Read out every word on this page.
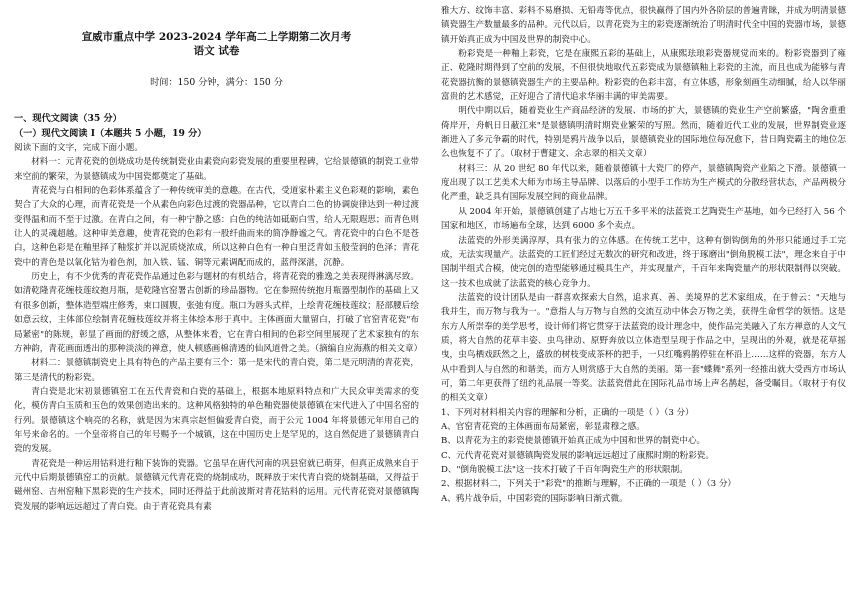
宣威市重点中学 2023-2024 学年高二上学期第二次月考
语文 试卷
时间：150 分钟，满分：150 分
一、现代文阅读（35 分）
（一）现代文阅读 I（本题共 5 小题，19 分）

阅读下面的文字，完成下面小题。

材料一：元青花瓷的创烧成功是传统制瓷业由素瓷向彩瓷发展的重要里程碑，它给景德镇的制瓷工业带来空前的繁荣，为景德镇成为中国瓷都奠定了基础。

青花瓷与白相间的色彩体系蕴含了一种传统审美的意趣。在古代，受道家朴素主义色彩观的影响，素色契合了大众的心理，而青花瓷是一个从素色向彩色过渡的瓷器品种，它以青白二色的协调旋律达到一种过渡变得温和而不至于过激。在青白之间，有一种宁静之感：白色的纯洁如砥砺白雪，给人无限遐思；而青色则让人的灵魂超越。这种审美意趣，使青花瓷的色彩有一股纤曲而来的简净静谧之气。青花瓷中的白色不是苍白，这种色彩是在釉里择了釉浆扩并以泥质烧浓成，所以这种白色有一种白里泛青如玉般莹润的色泽；青花瓷中的青色是以氧化钴为着色剂，加入铁、锰、铜等元素调配而成的，蓝得深湛，沉静。

历史上，有不少优秀的青花瓷作品通过色彩与题材的有机结合，将青花瓷的雅逸之美表现得淋漓尽致。如清乾隆青花缠枝莲纹抱月瓶，是乾隆官窑署古创新的珍品器物。它在参照传统抱月瓶器型制作的基础上又有很多创新，整体造型端庄修秀，束口圆腹，张弛有度。瓶口为唇头式样，上绘青花缠枝莲纹；胫部腰后绘如意云纹，主体部位绘制青花缠枝莲纹并将主体绘本形于真中。主体画面大量留白，打破了官窑青花瓷"布局紧密"的陈规，彰显了画面的舒缓之感，从整体来看，它在青白相间的色彩空间里展现了艺术家独有的东方神韵，青花画面透出的那种淡淡的禅意，使人顿感画棉清透的仙风道骨之美。（摘编自应海燕的相关文章）

材料二：景德镇制瓷史上具有特色的产品主要有三个：第一是宋代的青白瓷，第二是元明清的青花瓷，第三是清代的粉彩瓷。

青白瓷是北宋初景德镇窑工在五代青瓷和白瓷的基础上，根据本地原料特点和广大民众审美需求的变化，模仿青白玉质和玉色的效果创造出来的。这种风格独特的单色釉瓷器使景德镇在宋代进入了中国名窑的行列。景德镇这个响亮的名称，就是因为宋真宗赵恒偏爱青白瓷，而于公元 1004 年将景德元年用自己的年号来命名的。一个皇帝将自己的年号赐予一个城镇，这在中国历史上是罕见的，这自然促进了景德镇青白瓷的发展。

青花瓷是一种运用钴料进行釉下装饰的瓷器。它虽早在唐代河南的巩县窑就已萌芽，但真正成熟来自于元代中后期景德镇窑工的贡献。景德镇元代青花瓷的烧制成功，既释放于宋代青白瓷的烧制基础，又得益于磁州窑、吉州窑釉下黑彩瓷的生产技术，同时还得益于此前波斯对青花钴料的运用。元代青花瓷对景德镇陶瓷发展的影响远远超过了青白瓷。由于青花瓷具有素

雅大方、纹饰丰富、彩料不易磨损、无铅毒等优点，很快赢得了国内外各阶层的普遍青睐，并成为明清景德镇瓷器生产数量最多的品种。元代以后，以青花瓷为主的彩瓷逐渐统治了明清时代全中国的瓷器市场，景德镇开始真正成为中国及世界的制瓷中心。

粉彩瓷是一种釉上彩瓷，它是在康熙五彩的基础上，从康熙珐琅彩瓷器规觉而来的。粉彩瓷器到了雍正、乾隆时期得到了空前的发展，不但很快地取代五彩瓷成为景德镇釉上彩瓷的主流，而且也成为能够与青花瓷器抗衡的景德镇瓷器生产的主要品种。粉彩瓷的色彩丰富，有立体感，形象刻画生动细腻，给人以华丽富贵的艺术感觉，正好迎合了清代追求华丽丰满的审美需要。

明代中期以后，随着瓷业生产商品经济的发展、市场的扩大，景德镇的瓷业生产空前繁盛，"陶舍重重倚岸开，舟帆日日蔽江来"是景德镇明清时期瓷业繁荣的写照。然而，随着近代工业的发展，世界制瓷业逐渐进入了多元争霸的时代，特别是鸦片战争以后，景德镇瓷业的国际地位每况愈下，昔日陶瓷霸主的地位怎么也恢复不了了。（取材于曹建文、余志翠的相关文章）

材料三：从 20 世纪 80 年代以来，随着景德镇十大瓷厂的停产，景德镇陶瓷产业陷之下滑。景德镇一度出现了以工艺美术大师为市场主导品牌、以落后的小型手工作坊为生产模式的分散经营状态，产品两极分化严重，缺乏具有国际发展空间的商业品牌。

从 2004 年开始，景德镇创建了占地七万五千多平米的法蓝瓷工艺陶瓷生产基地，如今已经打入 56 个国家和地区，市场遍布全球，达到 6000 多个卖点。

法蓝瓷的外形美满淳厚，具有张力的立体感。在传统工艺中，这种有倒钩倒角的外形只能通过手工完成，无法实现量产。法蓝瓷的工匠们经过无数次的研究和改进，终于琢磨出"倒角脱模工法"，理念来自于中国制半组式合模，使完创的造型能够通过模具生产，并实现量产，千百年来陶瓷量产的形状限制得以突破。这一技术也成就了法蓝瓷的核心竞争力。

法蓝瓷的设计团队是由一群喜欢探索大自然，追求真、善、美境界的艺术家组成，在于曾云："天地与我并生，而万物与我为一。"意指人与万物与自然的交流互动中体会万物之美，获得生命哲学的领悟。这是东方人所崇奉的美学思考，设计师们将它贯穿于法蓝瓷的设计理念中，使作品完美融入了东方禅意的人文气质，将大自然的花草丰姿、虫鸟律动、原野奔放以立体造型呈现于作品之中，呈现出的外观，就是花草摇曳，虫鸟栖戏跃然之上，盛放的树枝变成茶杯的把手，一只红嘴鸦鹊停驻在杯沿上……这样的瓷器，东方人从中看到人与自然的和谐美，而方人则赏感于大自然的美丽。第一套"蝶舞"系列一经推出就大受西方市场认可，第二年更获得了纽约礼品展一等奖。法蓝瓷借此在国际礼品市场上声名鹊起，备受瞩目。（取材于有仪的相关文章）

1、下列对材料相关内容的理解和分析，正确的一项是（ ）（3 分）

A、官窑青花瓷的主体画面布局紧密，彰显肃穆之感。

B、以青花为主的彩瓷使景德镇开始真正成为中国和世界的制瓷中心。

C、元代青花瓷对景德镇陶瓷发展的影响远远超过了康熙时期的粉彩瓷。

D、"倒角脱模工法"这一技术打破了千百年陶瓷生产的形状限制。

2、根据材料二，下列关于"彩瓷"的推断与理解，不正确的一项是（ ）（3 分）

A、鸦片战争后，中国彩瓷的国际影响日渐式微。
